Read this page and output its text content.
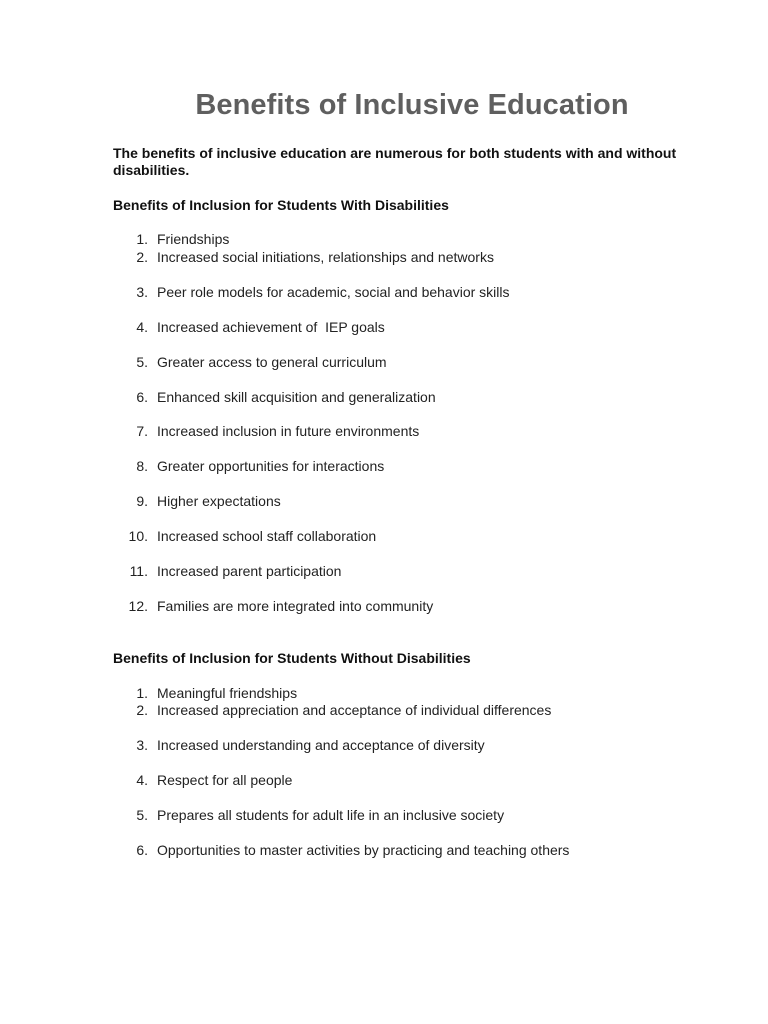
Benefits of Inclusive Education

The benefits of inclusive education are numerous for both students with and without disabilities.

Benefits of Inclusion for Students With Disabilities
1. Friendships
2. Increased social initiations, relationships and networks
3. Peer role models for academic, social and behavior skills
4. Increased achievement of  IEP goals
5. Greater access to general curriculum
6. Enhanced skill acquisition and generalization
7. Increased inclusion in future environments
8. Greater opportunities for interactions
9. Higher expectations
10. Increased school staff collaboration
11. Increased parent participation
12. Families are more integrated into community
Benefits of Inclusion for Students Without Disabilities
1. Meaningful friendships
2. Increased appreciation and acceptance of individual differences
3. Increased understanding and acceptance of diversity
4. Respect for all people
5. Prepares all students for adult life in an inclusive society
6. Opportunities to master activities by practicing and teaching others
